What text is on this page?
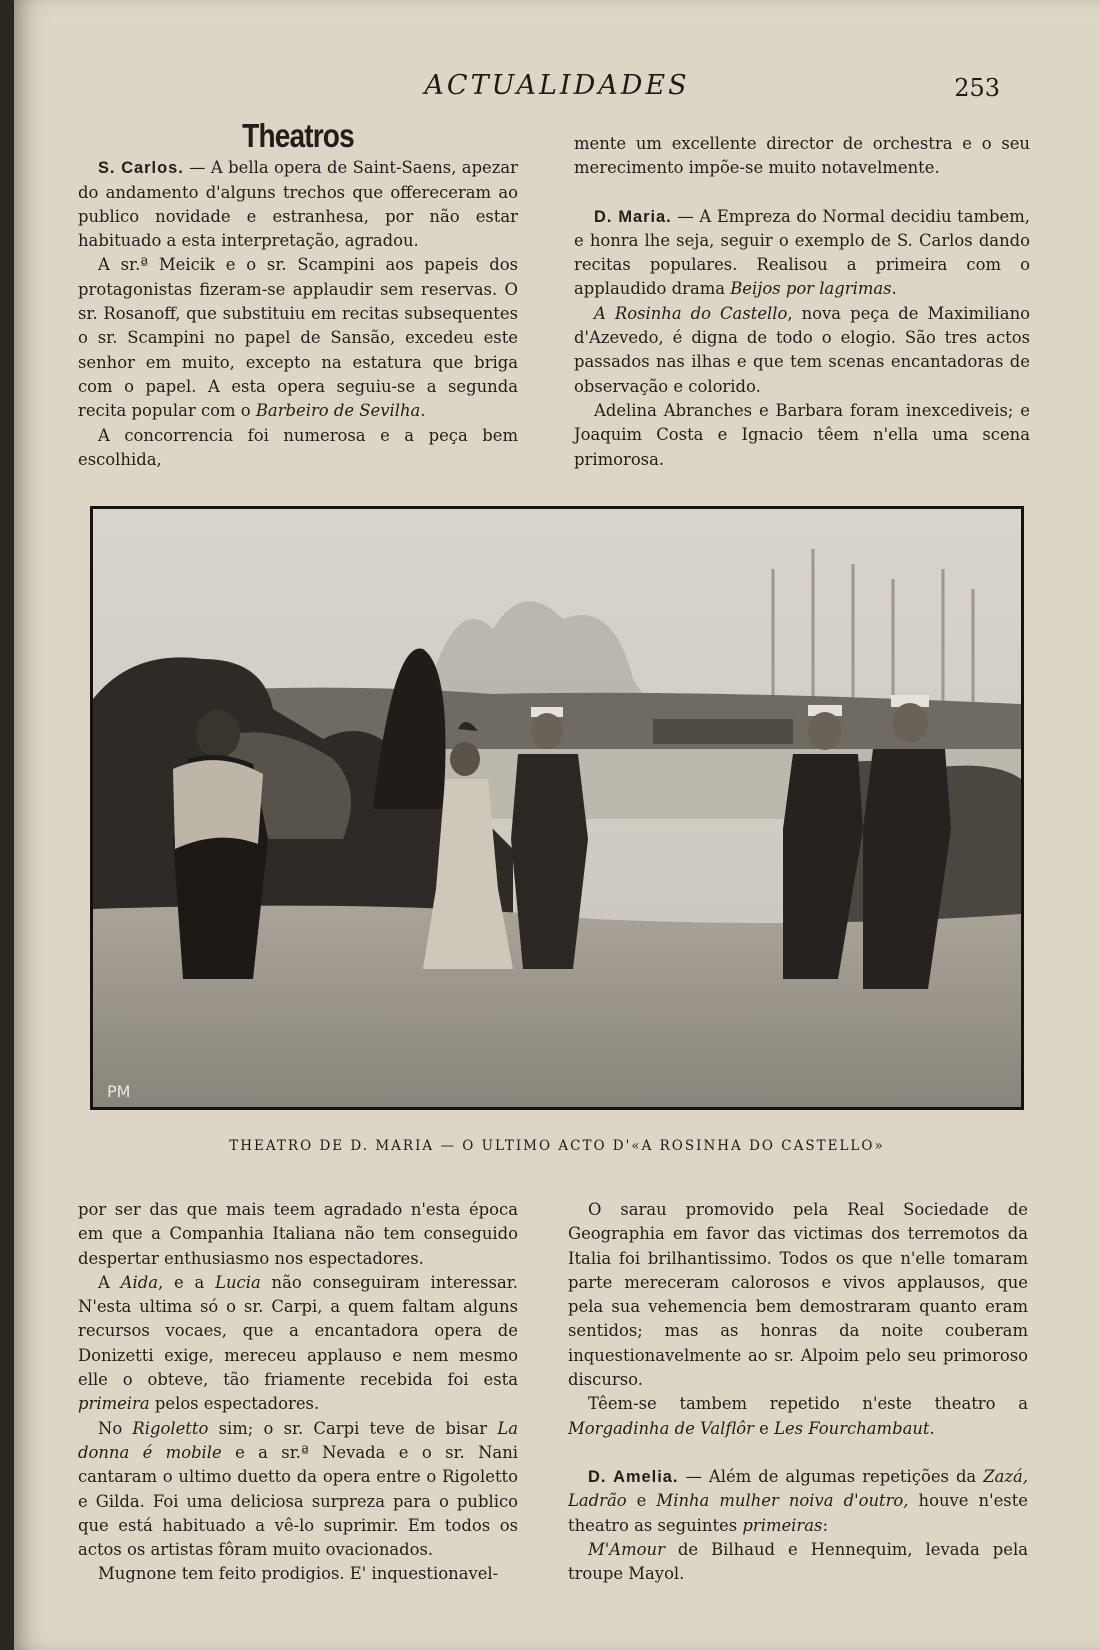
ACTUALIDADES	253
Theatros

S. Carlos. — A bella opera de Saint-Saens, apezar do andamento d'alguns trechos que offereceram ao publico novidade e estranhesa, por não estar habituado a esta interpretação, agradou.

A sr.ª Meicik e o sr. Scampini aos papeis dos protagonistas fizeram-se applaudir sem reservas. O sr. Rosanoff, que substituiu em recitas subsequentes o sr. Scampini no papel de Sansão, excedeu este senhor em muito, excepto na estatura que briga com o papel. A esta opera seguiu-se a segunda recita popular com o Barbeiro de Sevilha.

A concorrencia foi numerosa e a peça bem escolhida,

mente um excellente director de orchestra e o seu merecimento impõe-se muito notavelmente.

D. Maria. — A Empreza do Normal decidiu tambem, e honra lhe seja, seguir o exemplo de S. Carlos dando recitas populares. Realisou a primeira com o applaudido drama Beijos por lagrimas.

A Rosinha do Castello, nova peça de Maximiliano d'Azevedo, é digna de todo o elogio. São tres actos passados nas ilhas e que tem scenas encantadoras de observação e colorido.

Adelina Abranches e Barbara foram inexcediveis; e Joaquim Costa e Ignacio têem n'ella uma scena primorosa.

PM
THEATRO DE D. MARIA — O ULTIMO ACTO D'«A ROSINHA DO CASTELLO»

por ser das que mais teem agradado n'esta época em que a Companhia Italiana não tem conseguido despertar enthusiasmo nos espectadores.

A Aida, e a Lucia não conseguiram interessar. N'esta ultima só o sr. Carpi, a quem faltam alguns recursos vocaes, que a encantadora opera de Donizetti exige, mereceu applauso e nem mesmo elle o obteve, tão friamente recebida foi esta primeira pelos espectadores.

No Rigoletto sim; o sr. Carpi teve de bisar La donna é mobile e a sr.ª Nevada e o sr. Nani cantaram o ultimo duetto da opera entre o Rigoletto e Gilda. Foi uma deliciosa surpreza para o publico que está habituado a vê-lo suprimir. Em todos os actos os artistas fôram muito ovacionados.

Mugnone tem feito prodigios. E' inquestionavel-

O sarau promovido pela Real Sociedade de Geographia em favor das victimas dos terremotos da Italia foi brilhantissimo. Todos os que n'elle tomaram parte mereceram calorosos e vivos applausos, que pela sua vehemencia bem demostraram quanto eram sentidos; mas as honras da noite couberam inquestionavelmente ao sr. Alpoim pelo seu primoroso discurso.

Têem-se tambem repetido n'este theatro a Morgadinha de Valflôr e Les Fourchambaut.

D. Amelia. — Além de algumas repetições da Zazá, Ladrão e Minha mulher noiva d'outro, houve n'este theatro as seguintes primeiras:

M'Amour de Bilhaud e Hennequim, levada pela troupe Mayol.
